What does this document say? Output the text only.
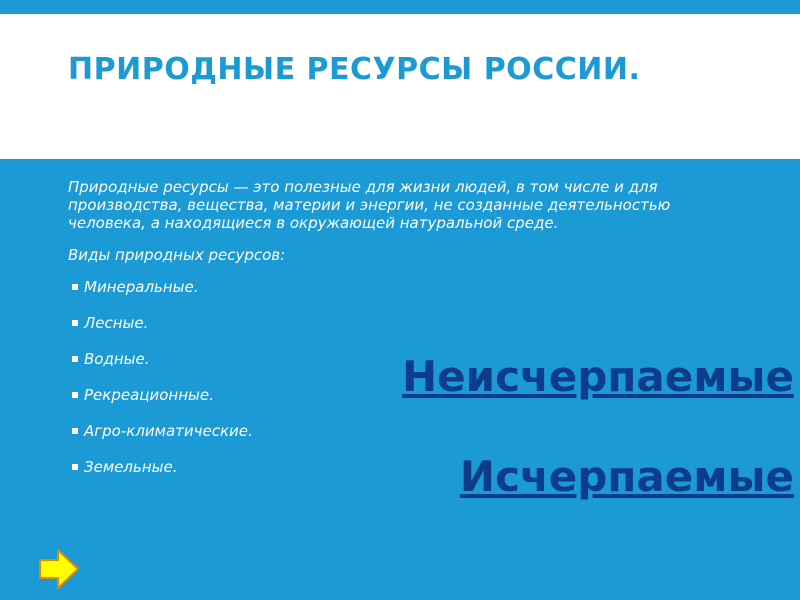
ПРИРОДНЫЕ РЕСУРСЫ РОССИИ.

Природные ресурсы — это полезные для жизни людей, в том числе и для производства, вещества, материи и энергии, не созданные деятельностью человека, а находящиеся в окружающей натуральной среде.

Виды природных ресурсов:

Минеральные.
Лесные.
Водные.
Рекреационные.
Агро-климатические.
Земельные.
Неисчерпаемые
Исчерпаемые
